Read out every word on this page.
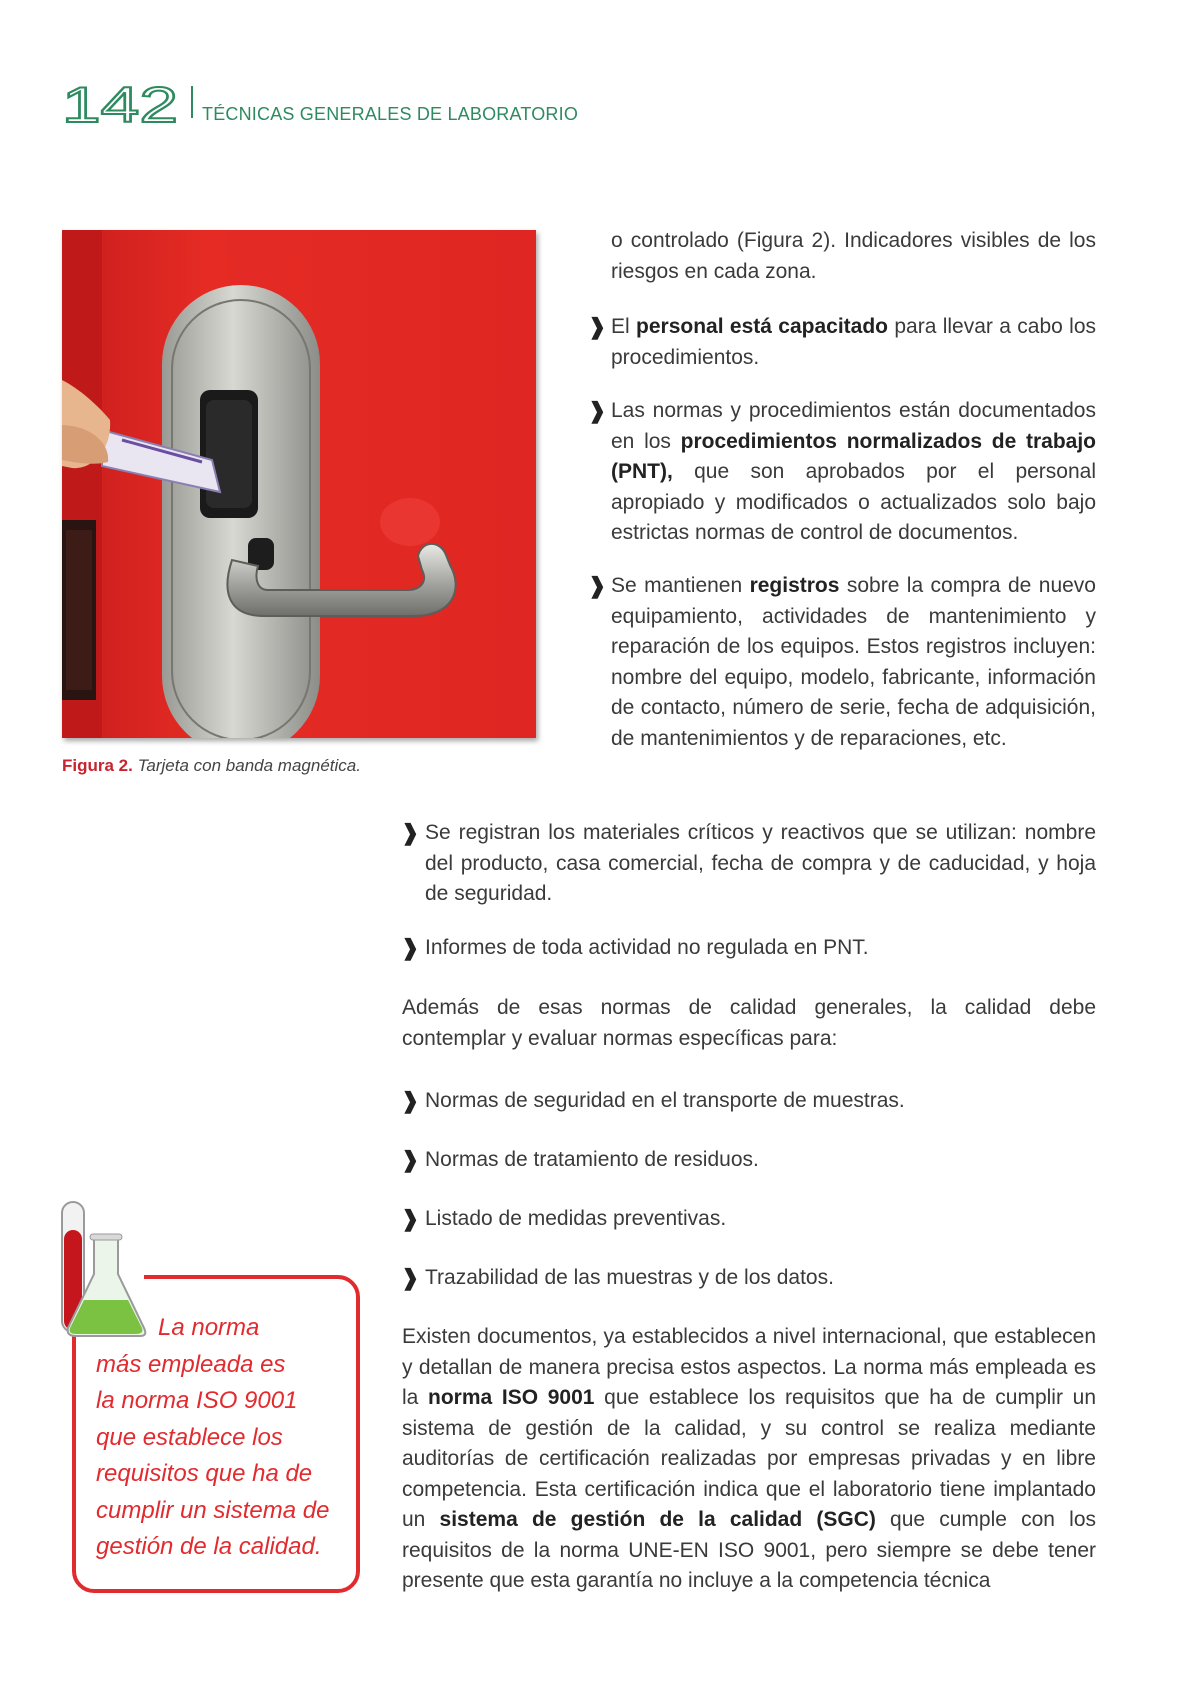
142 TÉCNICAS GENERALES DE LABORATORIO
Figura 2. Tarjeta con banda magnética.

o controlado (Figura 2). Indicadores visibles de los riesgos en cada zona.

❱ El personal está capacitado para llevar a cabo los procedimientos.

❱ Las normas y procedimientos están documentados en los procedimientos normalizados de trabajo (PNT), que son aprobados por el personal apropiado y modificados o actualizados solo bajo estrictas normas de control de documentos.

❱ Se mantienen registros sobre la compra de nuevo equipamiento, actividades de mantenimiento y reparación de los equipos. Estos registros incluyen: nombre del equipo, modelo, fabricante, información de contacto, número de serie, fecha de adquisición, de mantenimientos y de reparaciones, etc.

❱ Se registran los materiales críticos y reactivos que se utilizan: nombre del producto, casa comercial, fecha de compra y de caducidad, y hoja de seguridad.

❱ Informes de toda actividad no regulada en PNT.

Además de esas normas de calidad generales, la calidad debe contemplar y evaluar normas específicas para:

❱ Normas de seguridad en el transporte de muestras.

❱ Normas de tratamiento de residuos.

❱ Listado de medidas preventivas.

❱ Trazabilidad de las muestras y de los datos.

Existen documentos, ya establecidos a nivel internacional, que establecen y detallan de manera precisa estos aspectos. La norma más empleada es la norma ISO 9001 que establece los requisitos que ha de cumplir un sistema de gestión de la calidad, y su control se realiza mediante auditorías de certificación realizadas por empresas privadas y en libre competencia. Esta certificación indica que el laboratorio tiene implantado un sistema de gestión de la calidad (SGC) que cumple con los requisitos de la norma UNE-EN ISO 9001, pero siempre se debe tener presente que esta garantía no incluye a la competencia técnica

La norma
más empleada es
la norma ISO 9001
que establece los
requisitos que ha de
cumplir un sistema de
gestión de la calidad.
